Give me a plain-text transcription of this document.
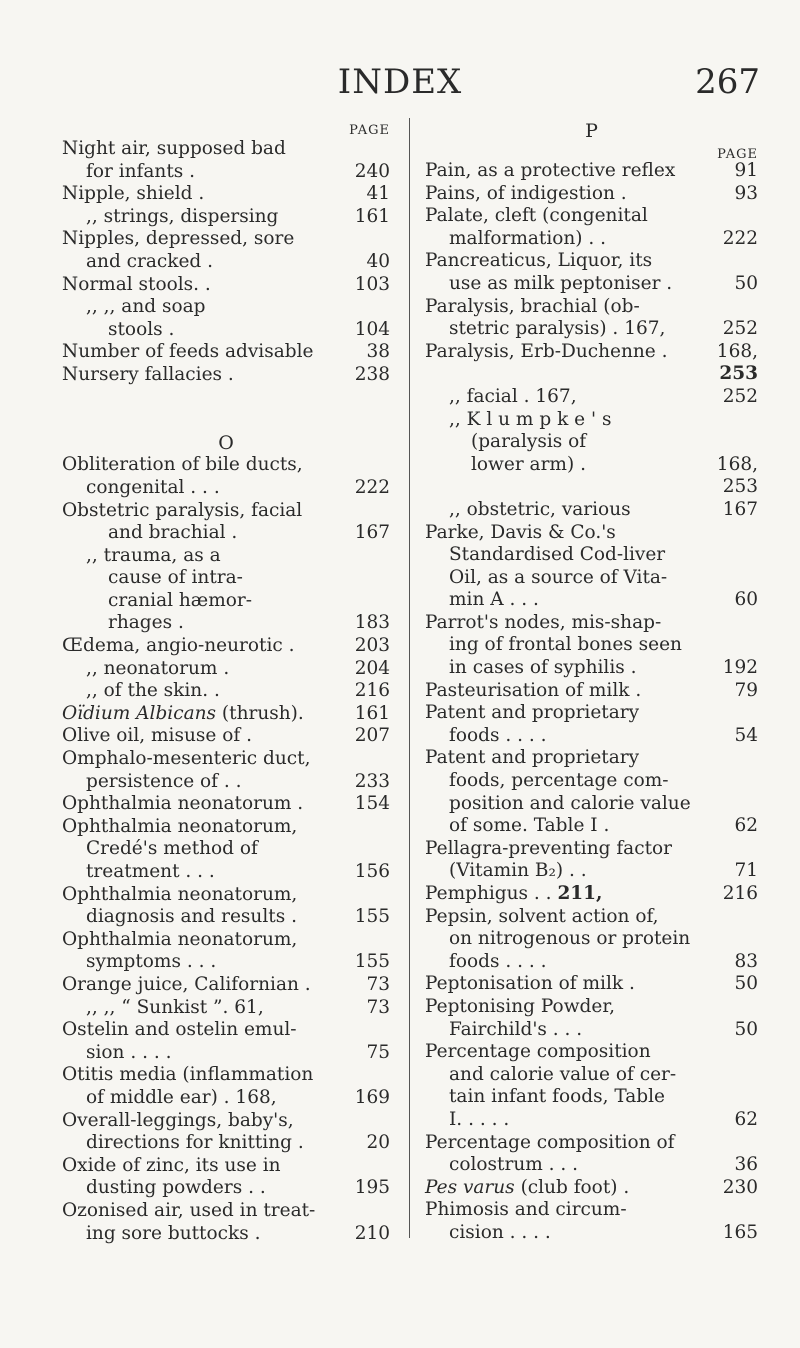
INDEX	267
PAGE
Night air, supposed bad
for infants .	240
Nipple, shield .	41
,, strings, dispersing	161
Nipples, depressed, sore
and cracked .	40
Normal stools. .	103
,, ,, and soap
stools .	104
Number of feeds advisable	38
Nursery fallacies .	238
O
Obliteration of bile ducts,
congenital . . .	222
Obstetric paralysis, facial
and brachial .	167
,, trauma, as a
cause of intra-
cranial hæmor-
rhages .	183
Œdema, angio-neurotic .	203
,, neonatorum .	204
,, of the skin. .	216
Oïdium Albicans (thrush).	161
Olive oil, misuse of .	207
Omphalo-mesenteric duct,
persistence of . .	233
Ophthalmia neonatorum .	154
Ophthalmia neonatorum,
Credé's method of
treatment . . .	156
Ophthalmia neonatorum,
diagnosis and results .	155
Ophthalmia neonatorum,
symptoms . . .	155
Orange juice, Californian .	73
,, ,, “ Sunkist ”. 61,	73
Ostelin and ostelin emul-
sion . . . .	75
Otitis media (inflammation
of middle ear) . 168,	169
Overall-leggings, baby's,
directions for knitting .	20
Oxide of zinc, its use in
dusting powders . .	195
Ozonised air, used in treat-
ing sore buttocks .	210
P
PAGE
Pain, as a protective reflex	91
Pains, of indigestion .	93
Palate, cleft (congenital
malformation) . .	222
Pancreaticus, Liquor, its
use as milk peptoniser .	50
Paralysis, brachial (ob-
stetric paralysis) . 167,	252
Paralysis, Erb-Duchenne .	168,
253
,, facial . 167,	252
,, K l u m p k e ' s
(paralysis of
lower arm) .	168,
253
,, obstetric, various	167
Parke, Davis & Co.'s
Standardised Cod-liver
Oil, as a source of Vita-
min A . . .	60
Parrot's nodes, mis-shap-
ing of frontal bones seen
in cases of syphilis .	192
Pasteurisation of milk .	79
Patent and proprietary
foods . . . .	54
Patent and proprietary
foods, percentage com-
position and calorie value
of some. Table I .	62
Pellagra-preventing factor
(Vitamin B₂) . .	71
Pemphigus . . 211,	216
Pepsin, solvent action of,
on nitrogenous or protein
foods . . . .	83
Peptonisation of milk .	50
Peptonising Powder,
Fairchild's . . .	50
Percentage composition
and calorie value of cer-
tain infant foods, Table
I. . . . .	62
Percentage composition of
colostrum . . .	36
Pes varus (club foot) .	230
Phimosis and circum-
cision . . . .	165
